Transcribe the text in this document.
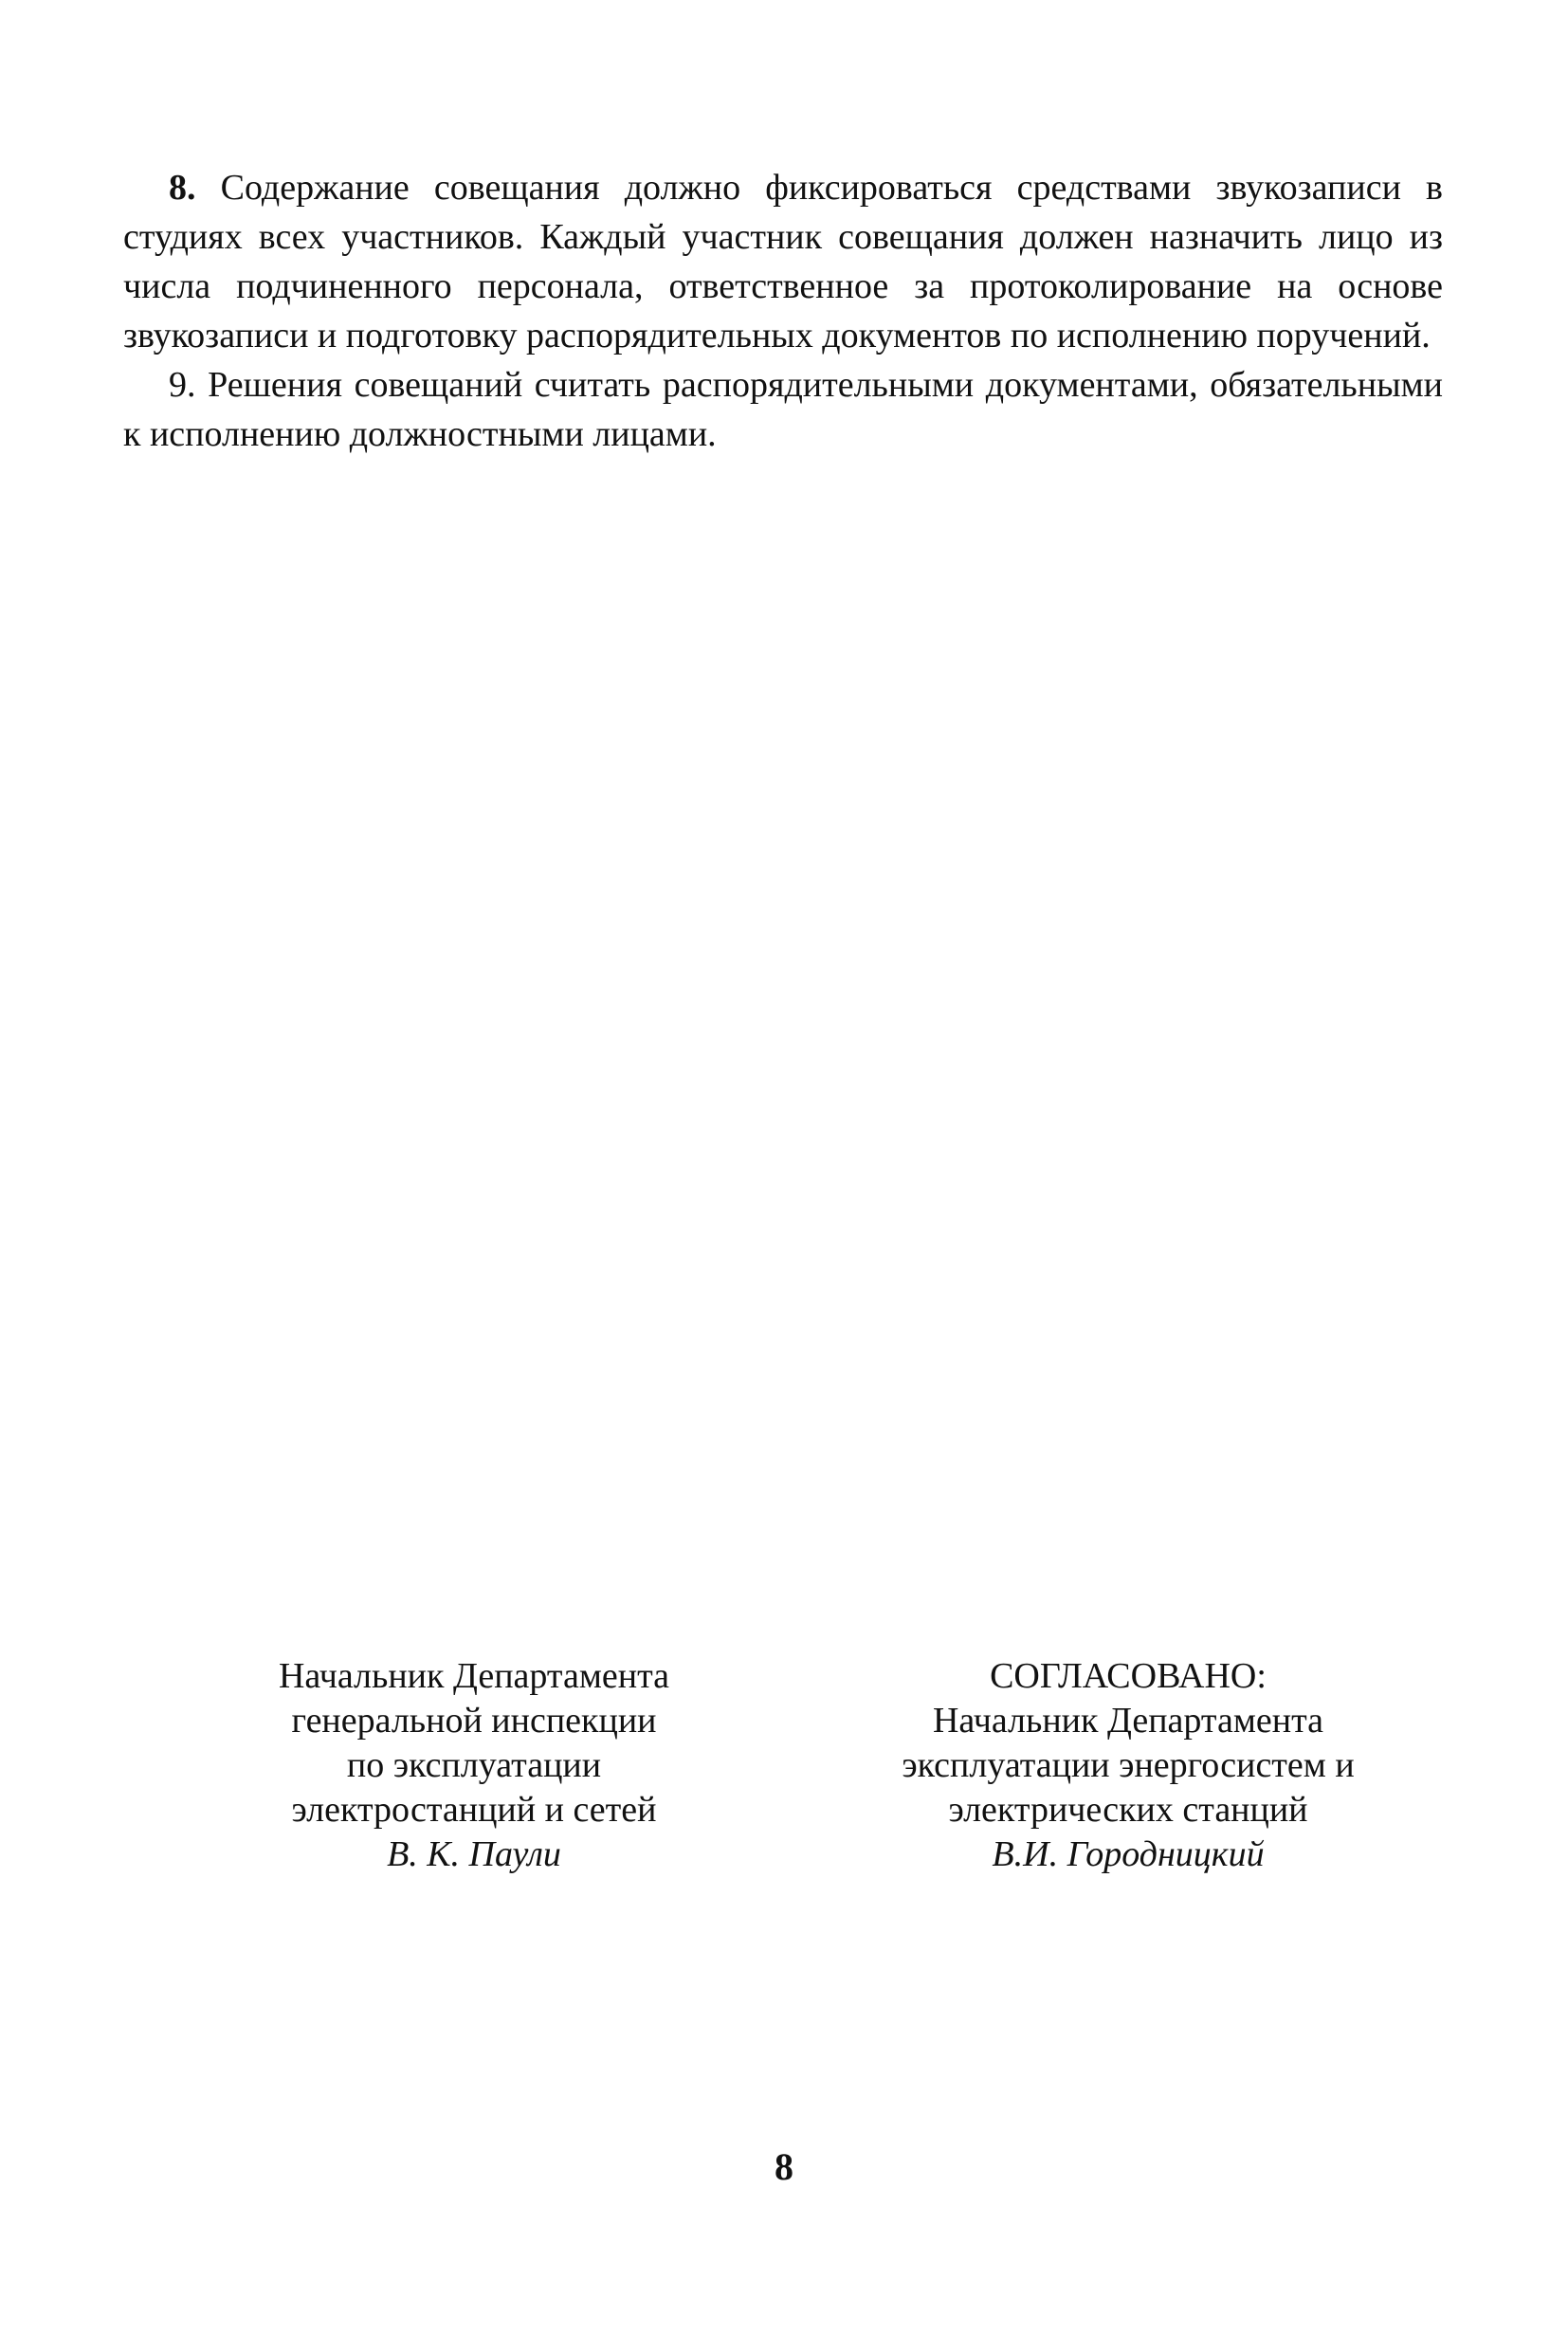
8. Содержание совещания должно фиксироваться средствами звукозаписи в студиях всех участников. Каждый участник совещания должен назначить лицо из числа подчиненного персонала, ответственное за протоколирование на основе звукозаписи и подготовку распорядительных документов по исполнению поручений.

9. Решения совещаний считать распорядительными документами, обязательными к исполнению должностными лицами.

Начальник Департамента
генеральной инспекции
по эксплуатации
электростанций и сетей
В. К. Паули
СОГЛАСОВАНО:
Начальник Департамента
эксплуатации энергосистем и
электрических станций
В.И. Городницкий
8
